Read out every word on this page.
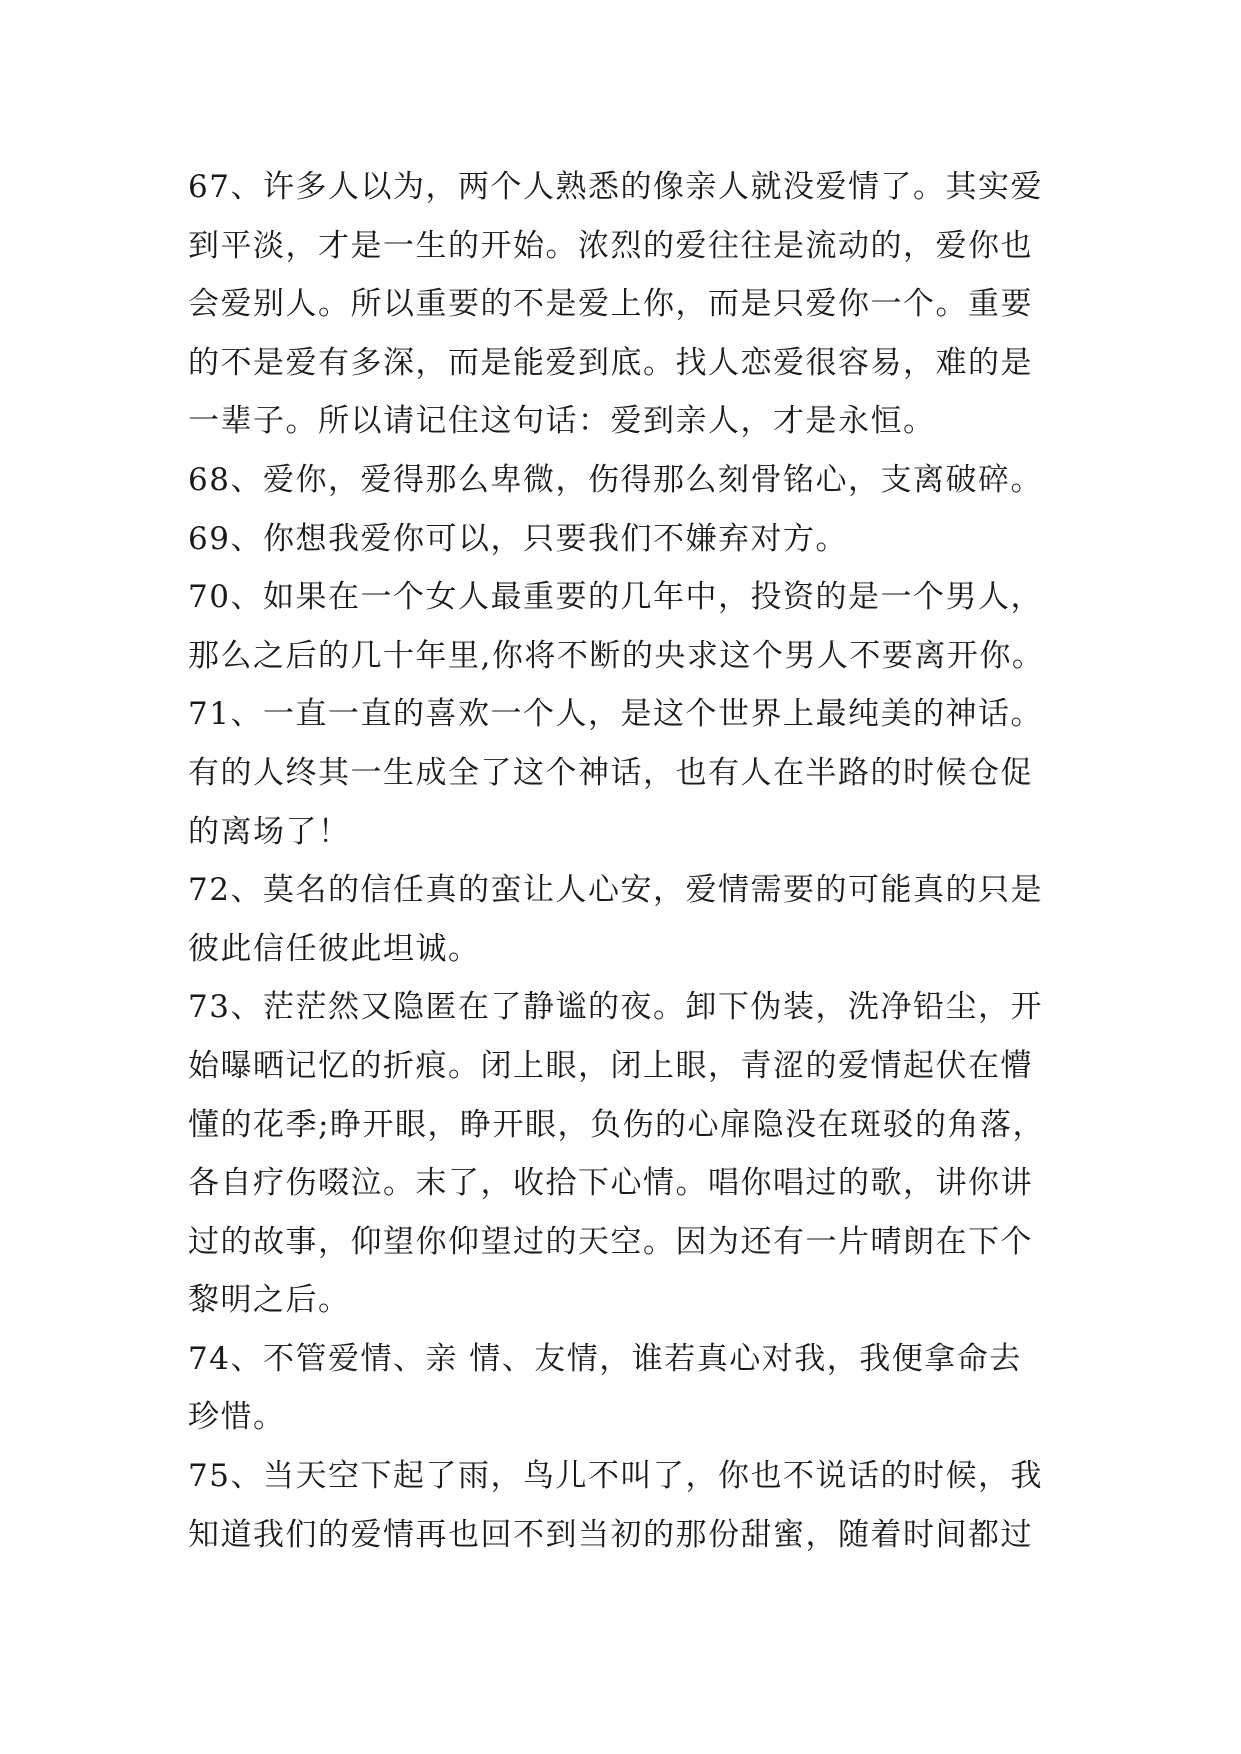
67、许多人以为，两个人熟悉的像亲人就没爱情了。其实爱
到平淡，才是一生的开始。浓烈的爱往往是流动的，爱你也
会爱别人。所以重要的不是爱上你，而是只爱你一个。重要
的不是爱有多深，而是能爱到底。找人恋爱很容易，难的是
一辈子。所以请记住这句话：爱到亲人，才是永恒。
68、爱你，爱得那么卑微，伤得那么刻骨铭心，支离破碎。
69、你想我爱你可以，只要我们不嫌弃对方。
70、如果在一个女人最重要的几年中，投资的是一个男人，
那么之后的几十年里,你将不断的央求这个男人不要离开你。
71、一直一直的喜欢一个人，是这个世界上最纯美的神话。
有的人终其一生成全了这个神话，也有人在半路的时候仓促
的离场了！
72、莫名的信任真的蛮让人心安，爱情需要的可能真的只是
彼此信任彼此坦诚。
73、茫茫然又隐匿在了静谧的夜。卸下伪装，洗净铅尘，开
始曝晒记忆的折痕。闭上眼，闭上眼，青涩的爱情起伏在懵
懂的花季;睁开眼，睁开眼，负伤的心扉隐没在斑驳的角落，
各自疗伤啜泣。末了，收拾下心情。唱你唱过的歌，讲你讲
过的故事，仰望你仰望过的天空。因为还有一片晴朗在下个
黎明之后。
74、不管爱情、亲 情、友情，谁若真心对我，我便拿命去
珍惜。
75、当天空下起了雨，鸟儿不叫了，你也不说话的时候，我
知道我们的爱情再也回不到当初的那份甜蜜，随着时间都过
